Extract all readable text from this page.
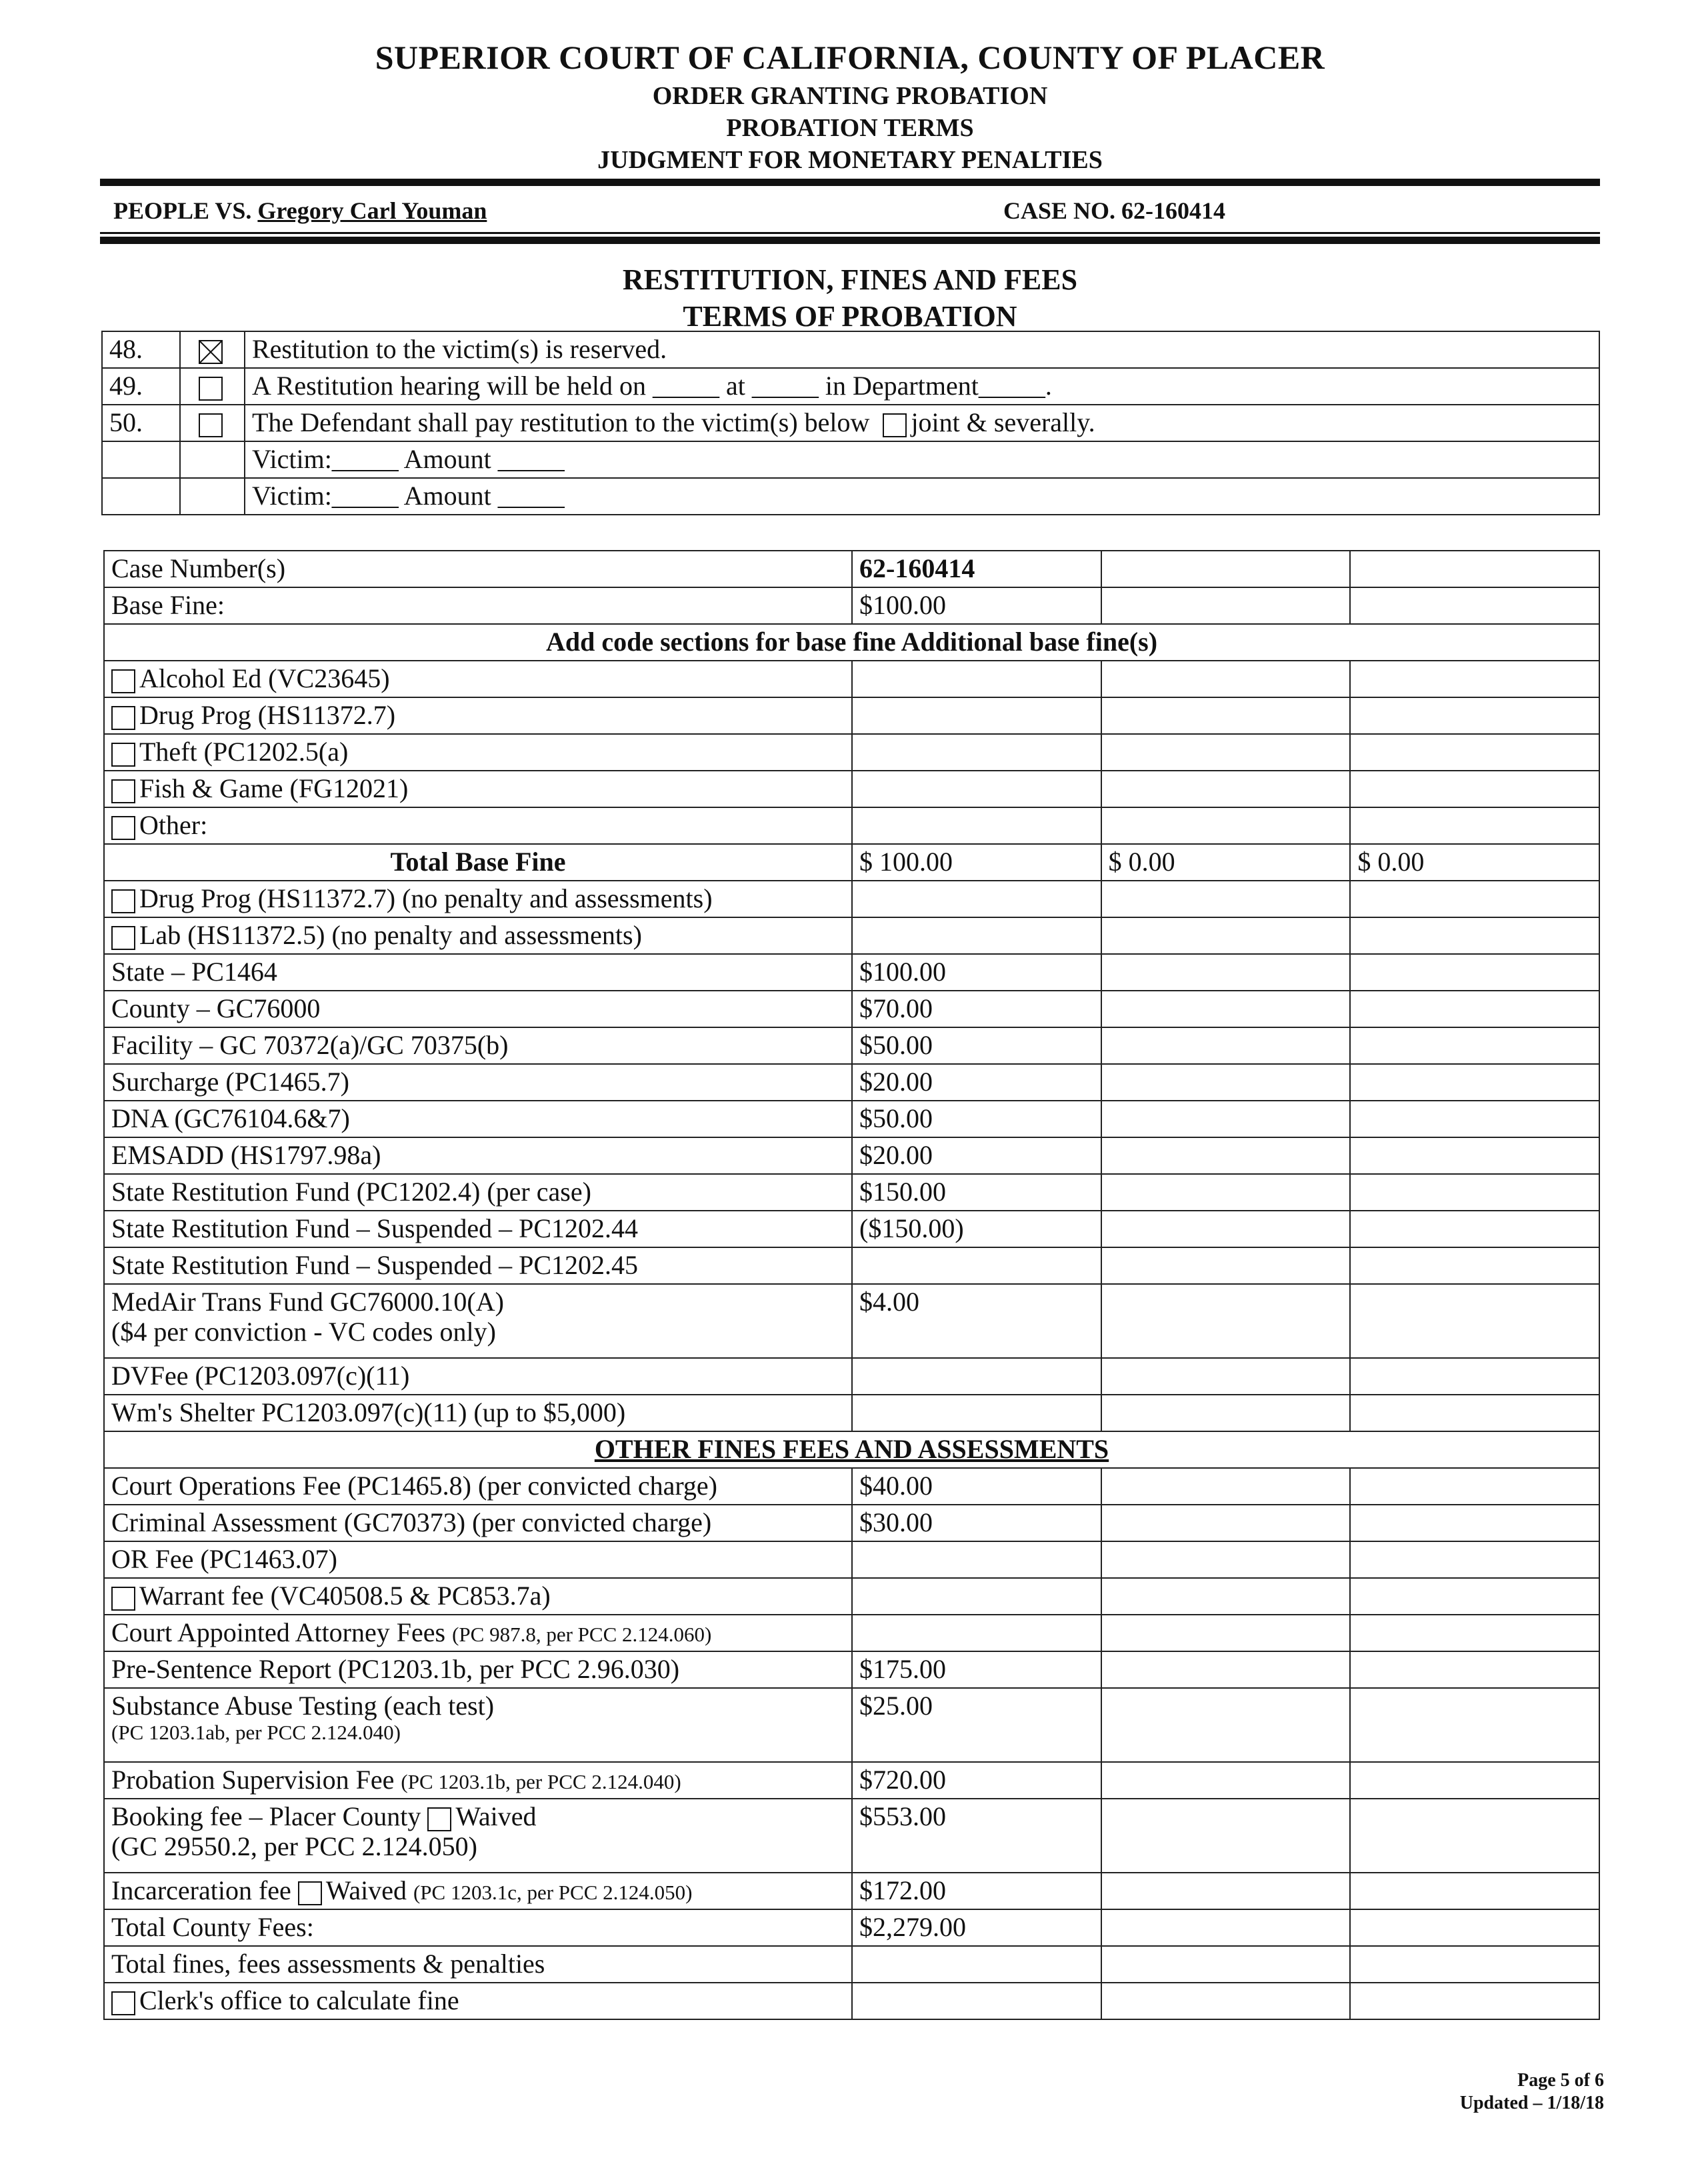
SUPERIOR COURT OF CALIFORNIA, COUNTY OF PLACER
ORDER GRANTING PROBATION
PROBATION TERMS
JUDGMENT FOR MONETARY PENALTIES
PEOPLE VS. Gregory Carl Youman	CASE NO. 62-160414
RESTITUTION, FINES AND FEES
TERMS OF PROBATION
48.		Restitution to the victim(s) is reserved.
49.		A Restitution hearing will be held on _____ at _____ in Department_____.
50.		The Defendant shall pay restitution to the victim(s) below joint & severally.
		Victim:_____ Amount _____
		Victim:_____ Amount _____
Case Number(s)	62-160414		
Base Fine:	$100.00		
Add code sections for base fine Additional base fine(s)			
Alcohol Ed (VC23645)			
Drug Prog (HS11372.7)			
Theft (PC1202.5(a)			
Fish & Game (FG12021)			
Other:			
Total Base Fine	$ 100.00	$ 0.00	$ 0.00
Drug Prog (HS11372.7) (no penalty and assessments)			
Lab (HS11372.5) (no penalty and assessments)			
State – PC1464	$100.00		
County – GC76000	$70.00		
Facility – GC 70372(a)/GC 70375(b)	$50.00		
Surcharge (PC1465.7)	$20.00		
DNA (GC76104.6&7)	$50.00		
EMSADD (HS1797.98a)	$20.00		
State Restitution Fund (PC1202.4) (per case)	$150.00		
State Restitution Fund – Suspended – PC1202.44	($150.00)		
State Restitution Fund – Suspended – PC1202.45			

MedAir Trans Fund GC76000.10(A)
($4 per conviction - VC codes only)	$4.00		
DVFee (PC1203.097(c)(11)			
Wm's Shelter PC1203.097(c)(11) (up to $5,000)			
OTHER FINES FEES AND ASSESSMENTS			
Court Operations Fee (PC1465.8) (per convicted charge)	$40.00		
Criminal Assessment (GC70373) (per convicted charge)	$30.00		
OR Fee (PC1463.07)			
Warrant fee (VC40508.5 & PC853.7a)			
Court Appointed Attorney Fees (PC 987.8, per PCC 2.124.060)			
Pre-Sentence Report (PC1203.1b, per PCC 2.96.030)	$175.00		

Substance Abuse Testing (each test)
(PC 1203.1ab, per PCC 2.124.040)	$25.00		
Probation Supervision Fee (PC 1203.1b, per PCC 2.124.040)	$720.00		

Booking fee – Placer County Waived
(GC 29550.2, per PCC 2.124.050)	$553.00		
Incarceration fee Waived (PC 1203.1c, per PCC 2.124.050)	$172.00		
Total County Fees:	$2,279.00		
Total fines, fees assessments & penalties			
Clerk's office to calculate fine			
Page 5 of 6
Updated – 1/18/18
